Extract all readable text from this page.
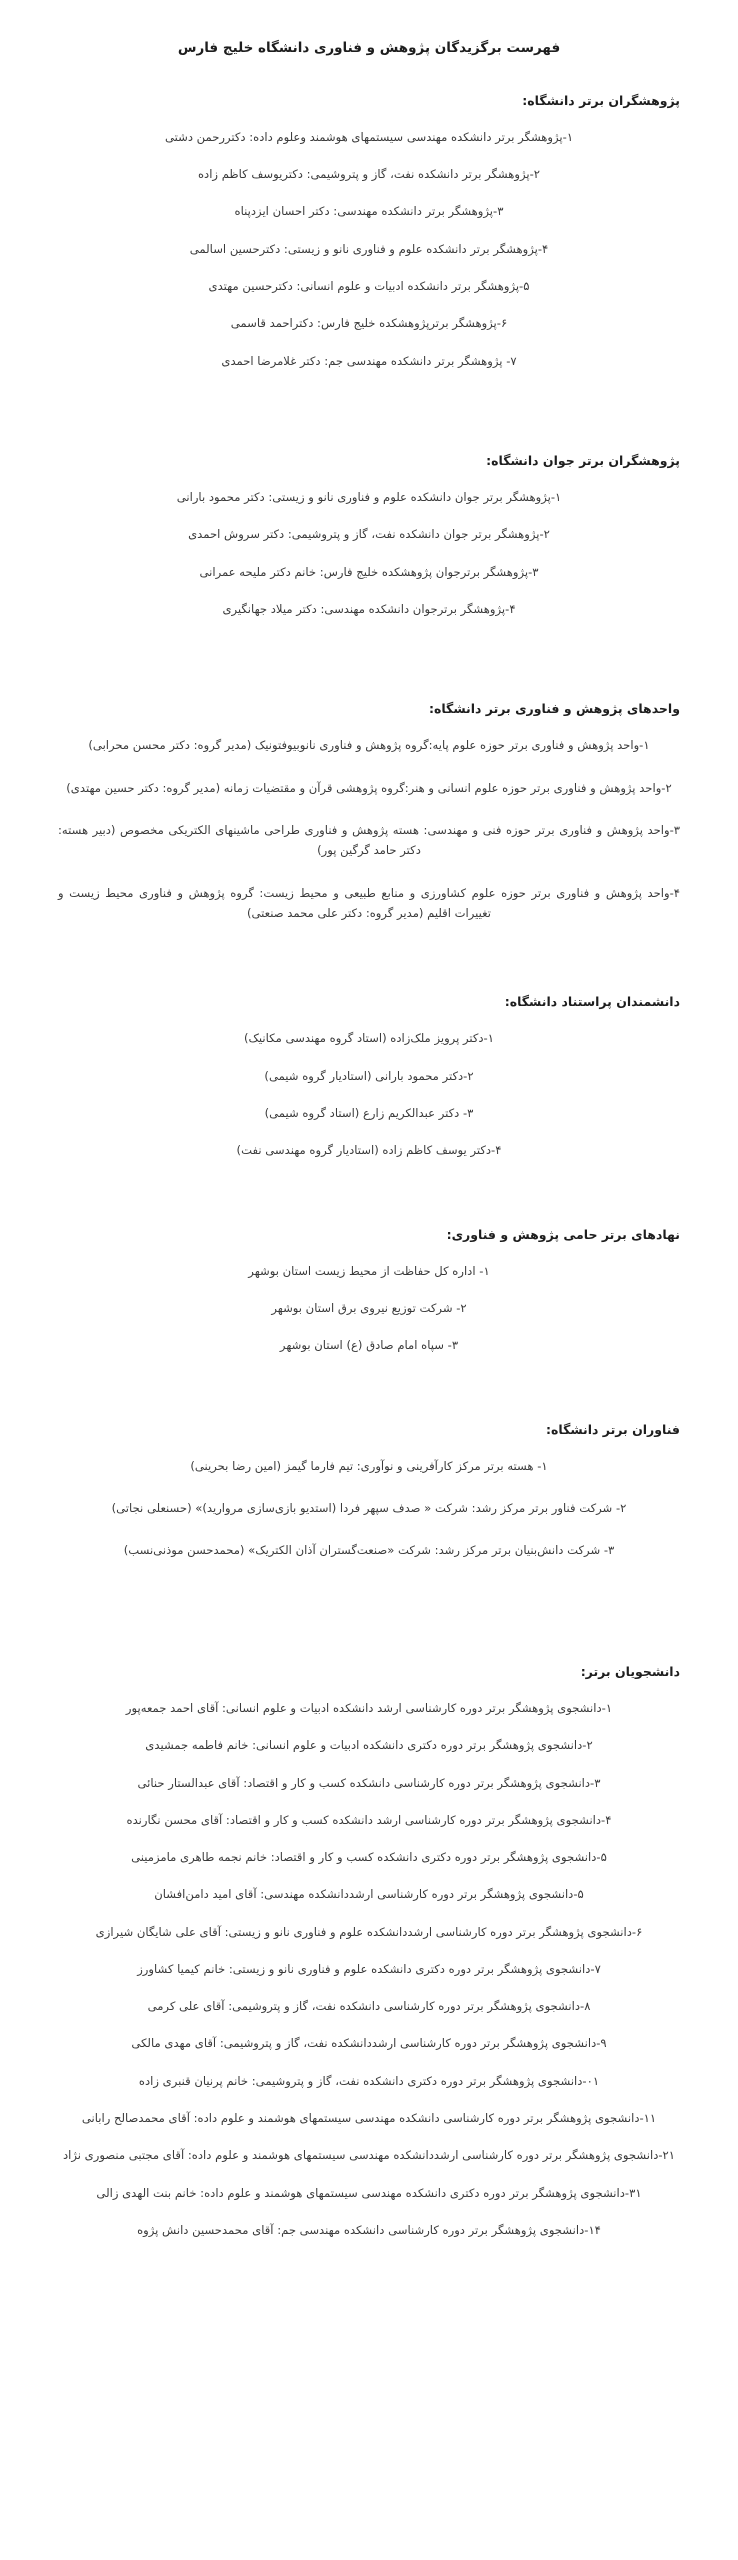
فهرست برگزیدگان پژوهش و فناوری دانشگاه خلیج فارس
پژوهشگران برتر دانشگاه:
۱-پژوهشگر برتر دانشکده مهندسی سیستمهای هوشمند وعلوم داده: دکتررحمن دشتی
۲-پژوهشگر برتر دانشکده نفت، گاز و پتروشیمی: دکتریوسف کاظم زاده
۳-پژوهشگر برتر دانشکده مهندسی: دکتر احسان ایزدپناه
۴-پژوهشگر برتر دانشکده علوم و فناوری نانو و زیستی: دکترحسین اسالمی
۵-پژوهشگر برتر دانشکده ادبیات و علوم انسانی: دکترحسین مهتدی
۶-پژوهشگر برترپژوهشکده خلیج فارس: دکتراحمد قاسمی
۷- پژوهشگر برتر دانشکده مهندسی جم: دکتر غلامرضا احمدی
پژوهشگران برتر جوان دانشگاه:
۱-پژوهشگر برتر جوان دانشکده علوم و فناوری نانو و زیستی: دکتر محمود بارانی
۲-پژوهشگر برتر جوان دانشکده نفت، گاز و پتروشیمی: دکتر سروش احمدی
۳-پژوهشگر برترجوان پژوهشکده خلیج فارس: خانم دکتر ملیحه عمرانی
۴-پژوهشگر برترجوان دانشکده مهندسی: دکتر میلاد جهانگیری
واحدهای پژوهش و فناوری برتر دانشگاه:
۱-واحد پژوهش و فناوری برتر حوزه علوم پایه:گروه پژوهش و فناوری نانوبیوفتونیک (مدیر گروه: دکتر محسن محرابی)
۲-واحد پژوهش و فناوری برتر حوزه علوم انسانی و هنر:گروه پژوهشی قرآن و مقتضیات زمانه (مدیر گروه: دکتر حسین مهتدی)
۳-واحد پژوهش و فناوری برتر حوزه فنی و مهندسی: هسته پژوهش و فناوری طراحی ماشینهای الکتریکی مخصوص (دبیر هسته: دکتر حامد گرگین پور)
۴-واحد پژوهش و فناوری برتر حوزه علوم کشاورزی و منابع طبیعی و محیط زیست: گروه پژوهش و فناوری محیط زیست و تغییرات اقلیم (مدیر گروه: دکتر علی محمد صنعتی)
دانشمندان پراستناد دانشگاه:
۱-دکتر پرویز ملک‌زاده (استاد گروه مهندسی مکانیک)
۲-دکتر محمود بارانی (استادیار گروه شیمی)
۳- دکتر عبدالکریم زارع (استاد گروه شیمی)
۴-دکتر یوسف کاظم زاده (استادیار گروه مهندسی نفت)
نهادهای برتر حامی پژوهش و فناوری:
۱- اداره کل حفاظت از محیط زیست استان بوشهر
۲- شرکت توزیع نیروی برق استان بوشهر
۳- سپاه امام صادق (ع) استان بوشهر
فناوران برتر دانشگاه:
۱- هسته برتر مرکز کارآفرینی و نوآوری: تیم فارما گیمز (امین رضا بحرینی)
۲- شرکت فناور برتر مرکز رشد: شرکت « صدف سپهر فردا (استدیو بازی‌سازی مروارید)» (حسنعلی نجاتی)
۳- شرکت دانش‌بنیان برتر مرکز رشد: شرکت «صنعت‌گستران آذان الکتریک» (محمدحسن موذنی‌نسب)
دانشجویان برتر:
۱-دانشجوی پژوهشگر برتر دوره کارشناسی ارشد دانشکده ادبیات و علوم انسانی: آقای احمد جمعه‌پور
۲-دانشجوی پژوهشگر برتر دوره دکتری دانشکده ادبیات و علوم انسانی: خانم فاطمه جمشیدی
۳-دانشجوی پژوهشگر برتر دوره کارشناسی دانشکده کسب و کار و اقتصاد: آقای عبدالستار حنائی
۴-دانشجوی پژوهشگر برتر دوره کارشناسی ارشد دانشکده کسب و کار و اقتصاد: آقای محسن نگارنده
۵-دانشجوی پژوهشگر برتر دوره دکتری دانشکده کسب و کار و اقتصاد: خانم نجمه طاهری مامزمینی
۵-دانشجوی پژوهشگر برتر دوره کارشناسی ارشددانشکده مهندسی: آقای امید دامن‌افشان
۶-دانشجوی پژوهشگر برتر دوره کارشناسی ارشددانشکده علوم و فناوری نانو و زیستی: آقای علی شایگان شیرازی
۷-دانشجوی پژوهشگر برتر دوره دکتری دانشکده علوم و فناوری نانو و زیستی: خانم کیمیا کشاورز
۸-دانشجوی پژوهشگر برتر دوره کارشناسی دانشکده نفت، گاز و پتروشیمی: آقای علی کرمی
۹-دانشجوی پژوهشگر برتر دوره کارشناسی ارشددانشکده نفت، گاز و پتروشیمی: آقای مهدی مالکی
۰۱-دانشجوی پژوهشگر برتر دوره دکتری دانشکده نفت، گاز و پتروشیمی: خانم پرنیان قنبری زاده
۱۱-دانشجوی پژوهشگر برتر دوره کارشناسی دانشکده مهندسی سیستمهای هوشمند و علوم داده: آقای محمدصالح رابانی
۲۱-دانشجوی پژوهشگر برتر دوره کارشناسی ارشددانشکده مهندسی سیستمهای هوشمند و علوم داده: آقای مجتبی منصوری نژاد
۳۱-دانشجوی پژوهشگر برتر دوره دکتری دانشکده مهندسی سیستمهای هوشمند و علوم داده: خانم بنت الهدی زالی
۱۴-دانشجوی پژوهشگر برتر دوره کارشناسی دانشکده مهندسی جم: آقای محمدحسین دانش پژوه
